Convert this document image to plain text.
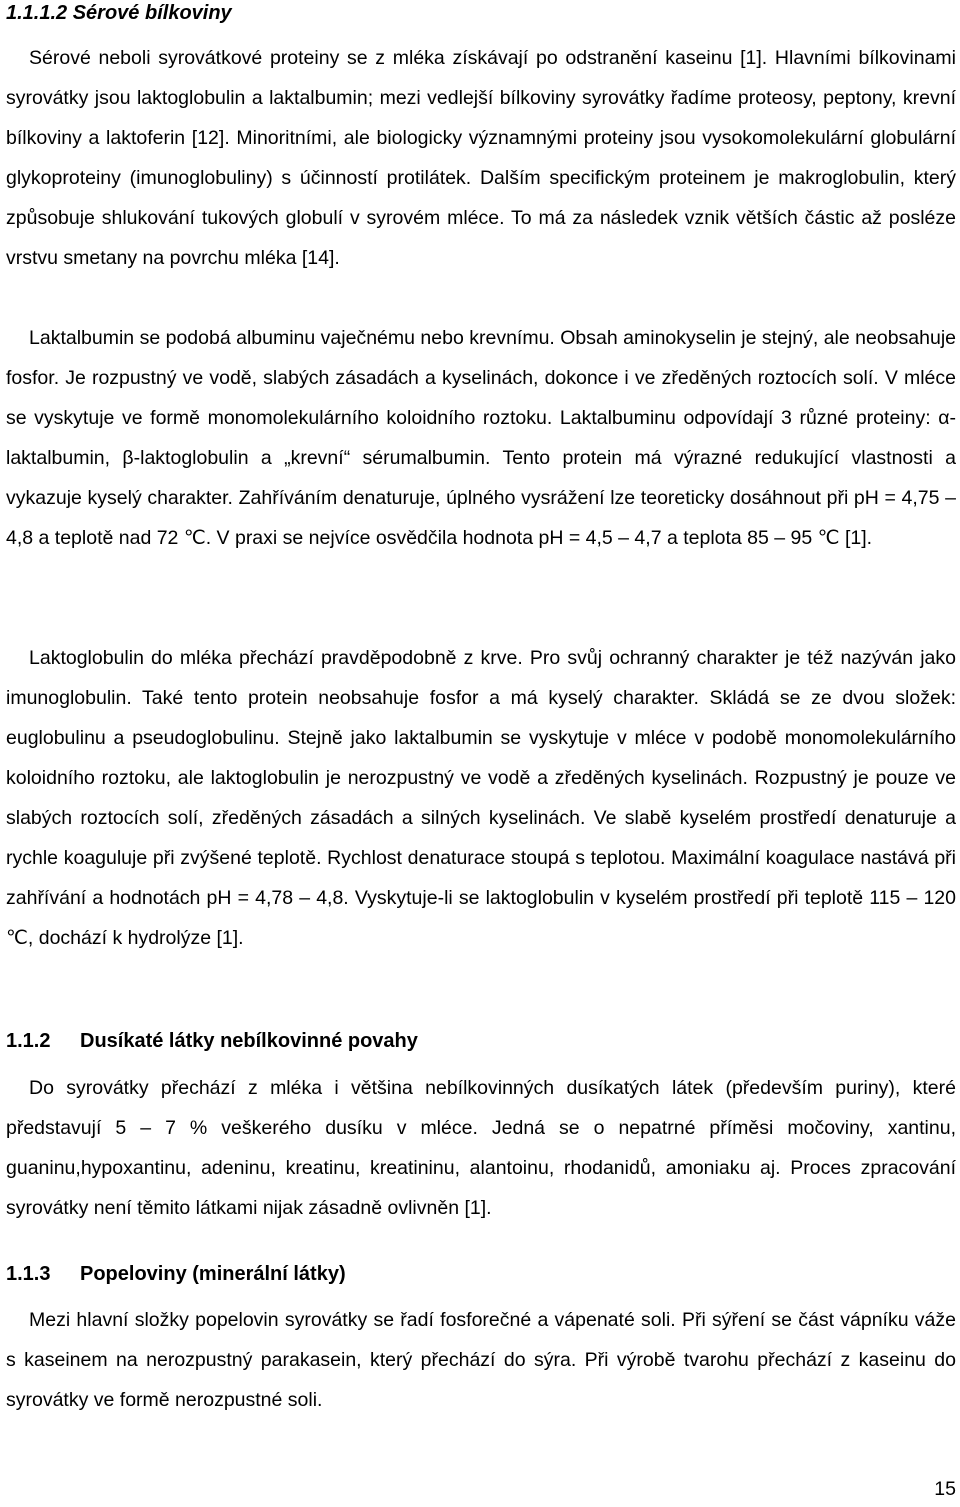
1.1.1.2 Sérové bílkoviny

Sérové neboli syrovátkové proteiny se z mléka získávají po odstranění kaseinu [1]. Hlavními bílkovinami syrovátky jsou laktoglobulin a laktalbumin; mezi vedlejší bílkoviny syrovátky řadíme proteosy, peptony, krevní bílkoviny a laktoferin [12]. Minoritními, ale biologicky významnými proteiny jsou vysokomolekulární globulární glykoproteiny (imunoglobuliny) s účinností protilátek. Dalším specifickým proteinem je makroglobulin, který způsobuje shlukování tukových globulí v syrovém mléce. To má za následek vznik větších částic až posléze vrstvu smetany na povrchu mléka [14].

Laktalbumin se podobá albuminu vaječnému nebo krevnímu. Obsah aminokyselin je stejný, ale neobsahuje fosfor. Je rozpustný ve vodě, slabých zásadách a kyselinách, dokonce i ve zředěných roztocích solí. V mléce se vyskytuje ve formě monomolekulárního koloidního roztoku. Laktalbuminu odpovídají 3 různé proteiny: α-laktalbumin, β-laktoglobulin a „krevní“ sérumalbumin. Tento protein má výrazné redukující vlastnosti a vykazuje kyselý charakter. Zahříváním denaturuje, úplného vysrážení lze teoreticky dosáhnout při pH = 4,75 – 4,8 a teplotě nad 72 ℃. V praxi se nejvíce osvědčila hodnota pH = 4,5 – 4,7 a teplota 85 – 95 ℃ [1].

Laktoglobulin do mléka přechází pravděpodobně z krve. Pro svůj ochranný charakter je též nazýván jako imunoglobulin. Také tento protein neobsahuje fosfor a má kyselý charakter. Skládá se ze dvou složek: euglobulinu a pseudoglobulinu. Stejně jako laktalbumin se vyskytuje v mléce v podobě monomolekulárního koloidního roztoku, ale laktoglobulin je nerozpustný ve vodě a zředěných kyselinách. Rozpustný je pouze ve slabých roztocích solí, zředěných zásadách a silných kyselinách. Ve slabě kyselém prostředí denaturuje a rychle koaguluje při zvýšené teplotě. Rychlost denaturace stoupá s teplotou. Maximální koagulace nastává při zahřívání a hodnotách pH = 4,78 – 4,8. Vyskytuje-li se laktoglobulin v kyselém prostředí při teplotě 115 – 120 ℃, dochází k hydrolýze [1].

1.1.2 Dusíkaté látky nebílkovinné povahy

Do syrovátky přechází z mléka i většina nebílkovinných dusíkatých látek (především puriny), které představují 5 – 7 % veškerého dusíku v mléce. Jedná se o nepatrné příměsi močoviny, xantinu, guaninu,hypoxantinu, adeninu, kreatinu, kreatininu, alantoinu, rhodanidů, amoniaku aj. Proces zpracování syrovátky není těmito látkami nijak zásadně ovlivněn [1].

1.1.3 Popeloviny (minerální látky)

Mezi hlavní složky popelovin syrovátky se řadí fosforečné a vápenaté soli. Při sýření se část vápníku váže s kaseinem na nerozpustný parakasein, který přechází do sýra. Při výrobě tvarohu přechází z kaseinu do syrovátky ve formě nerozpustné soli.

15
